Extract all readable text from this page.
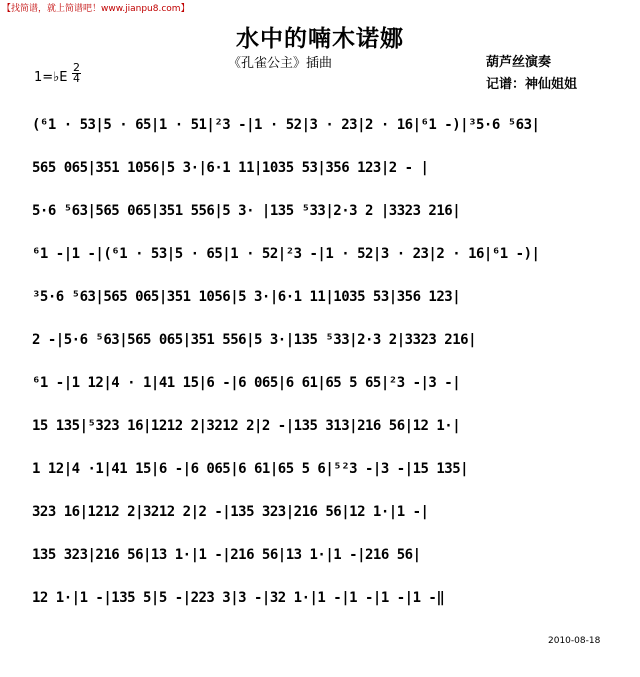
【找简谱，就上简谱吧！www.jianpu8.com】
水中的喃木诺娜
《孔雀公主》插曲	葫芦丝演奏
记谱：神仙姐姐
1=♭E $\frac{2}{4}$
(⁶1 · 53|5 · 65|1 · 51|²3 -|1 · 52|3 · 23|2 · 16|⁶1 -)|³5·6 ⁵63|
565 065|351 1056|5 3·|6·1 11|1035 53|356 123|2 - |
5·6 ⁵63|565 065|351 556|5 3· |135 ⁵33|2·3 2 |3323 216|
⁶1 -|1 -|(⁶1 · 53|5 · 65|1 · 52|²3 -|1 · 52|3 · 23|2 · 16|⁶1 -)|
³5·6 ⁵63|565 065|351 1056|5 3·|6·1 11|1035 53|356 123|
2 -|5·6 ⁵63|565 065|351 556|5 3·|135 ⁵33|2·3 2|3323 216|
⁶1 -|1 12|4 · 1|41 15|6 -|6 065|6 61|65 5 65|²3 -|3 -|
15 135|⁵323 16|1212 2|3212 2|2 -|135 313|216 56|12 1·|
1 12|4 ·1|41 15|6 -|6 065|6 61|65 5 6|⁵²3 -|3 -|15 135|
323 16|1212 2|3212 2|2 -|135 323|216 56|12 1·|1 -|
135 323|216 56|13 1·|1 -|216 56|13 1·|1 -|216 56|
12 1·|1 -|135 5|5 -|223 3|3 -|32 1·|1 -|1 -|1 -|1 -‖
2010-08-18
